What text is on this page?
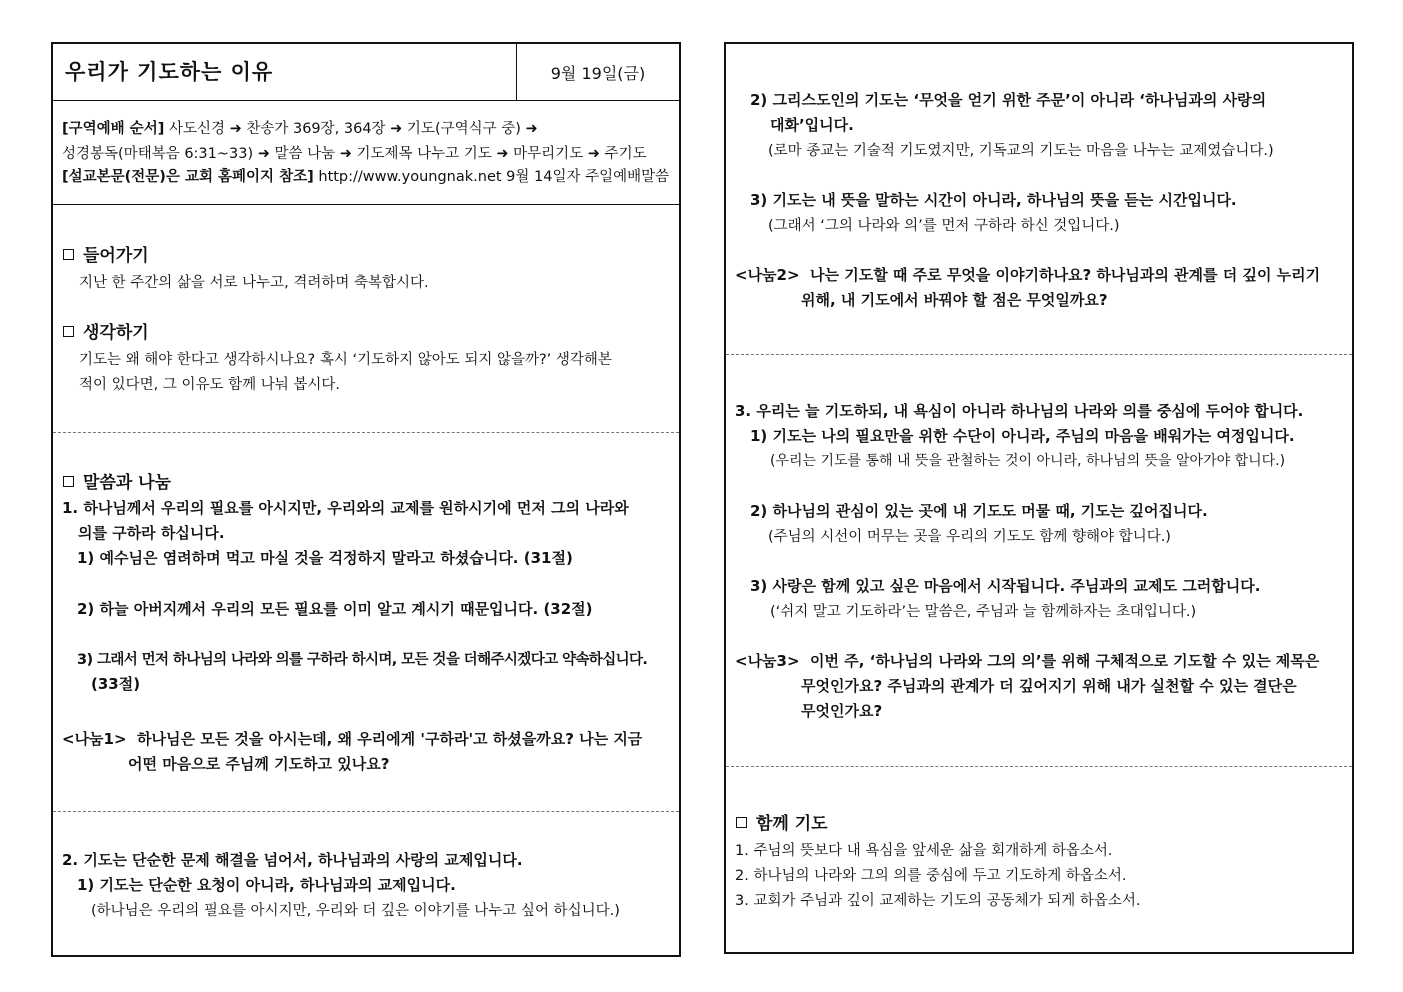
우리가 기도하는 이유	9월 19일(금)
[구역예배 순서] 사도신경 ➜ 찬송가 369장, 364장 ➜ 기도(구역식구 중) ➜
성경봉독(마태복음 6:31~33) ➜ 말씀 나눔 ➜ 기도제목 나누고 기도 ➜ 마무리기도 ➜ 주기도
[설교본문(전문)은 교회 홈페이지 참조] http://www.youngnak.net 9월 14일자 주일예배말씀
들어가기
지난 한 주간의 삶을 서로 나누고, 격려하며 축복합시다.
생각하기
기도는 왜 해야 한다고 생각하시나요? 혹시 ‘기도하지 않아도 되지 않을까?’ 생각해본
적이 있다면, 그 이유도 함께 나눠 봅시다.
말씀과 나눔
1. 하나님께서 우리의 필요를 아시지만, 우리와의 교제를 원하시기에 먼저 그의 나라와
의를 구하라 하십니다.
1) 예수님은 염려하며 먹고 마실 것을 걱정하지 말라고 하셨습니다. (31절)
2) 하늘 아버지께서 우리의 모든 필요를 이미 알고 계시기 때문입니다. (32절)
3) 그래서 먼저 하나님의 나라와 의를 구하라 하시며, 모든 것을 더해주시겠다고 약속하십니다.
(33절)
<나눔1> 하나님은 모든 것을 아시는데, 왜 우리에게 '구하라'고 하셨을까요? 나는 지금
어떤 마음으로 주님께 기도하고 있나요?
2. 기도는 단순한 문제 해결을 넘어서, 하나님과의 사랑의 교제입니다.
1) 기도는 단순한 요청이 아니라, 하나님과의 교제입니다.
(하나님은 우리의 필요를 아시지만, 우리와 더 깊은 이야기를 나누고 싶어 하십니다.)
2) 그리스도인의 기도는 ‘무엇을 얻기 위한 주문’이 아니라 ‘하나님과의 사랑의
대화’입니다.
(로마 종교는 기술적 기도였지만, 기독교의 기도는 마음을 나누는 교제였습니다.)
3) 기도는 내 뜻을 말하는 시간이 아니라, 하나님의 뜻을 듣는 시간입니다.
(그래서 ‘그의 나라와 의’를 먼저 구하라 하신 것입니다.)
<나눔2> 나는 기도할 때 주로 무엇을 이야기하나요? 하나님과의 관계를 더 깊이 누리기
위해, 내 기도에서 바꿔야 할 점은 무엇일까요?
3. 우리는 늘 기도하되, 내 욕심이 아니라 하나님의 나라와 의를 중심에 두어야 합니다.
1) 기도는 나의 필요만을 위한 수단이 아니라, 주님의 마음을 배워가는 여정입니다.
(우리는 기도를 통해 내 뜻을 관철하는 것이 아니라, 하나님의 뜻을 알아가야 합니다.)
2) 하나님의 관심이 있는 곳에 내 기도도 머물 때, 기도는 깊어집니다.
(주님의 시선이 머무는 곳을 우리의 기도도 함께 향해야 합니다.)
3) 사랑은 함께 있고 싶은 마음에서 시작됩니다. 주님과의 교제도 그러합니다.
(‘쉬지 말고 기도하라’는 말씀은, 주님과 늘 함께하자는 초대입니다.)
<나눔3> 이번 주, ‘하나님의 나라와 그의 의’를 위해 구체적으로 기도할 수 있는 제목은
무엇인가요? 주님과의 관계가 더 깊어지기 위해 내가 실천할 수 있는 결단은
무엇인가요?
함께 기도
1. 주님의 뜻보다 내 욕심을 앞세운 삶을 회개하게 하옵소서.
2. 하나님의 나라와 그의 의를 중심에 두고 기도하게 하옵소서.
3. 교회가 주님과 깊이 교제하는 기도의 공동체가 되게 하옵소서.
